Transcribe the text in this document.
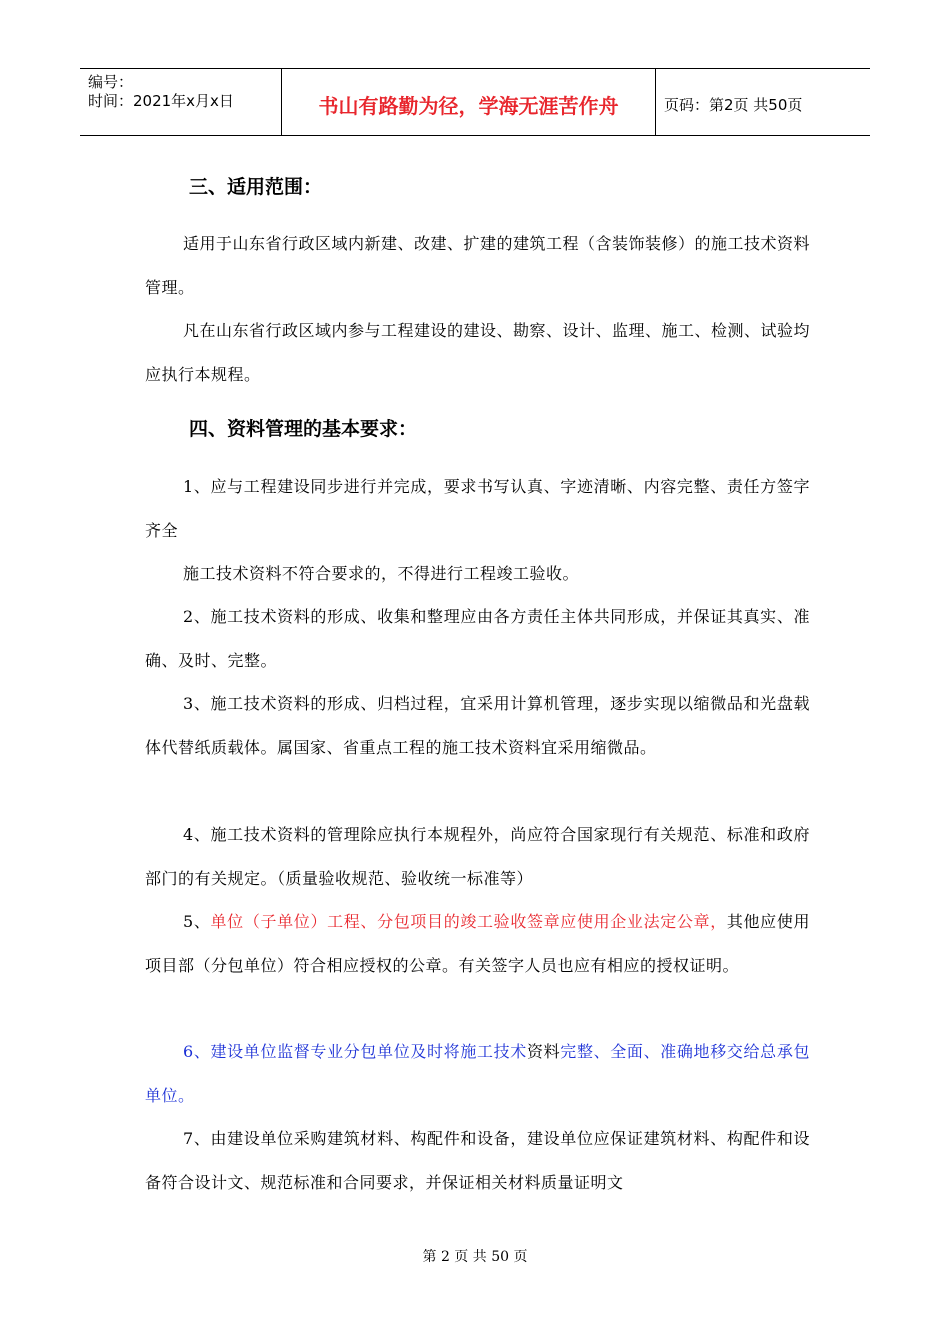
编号：
时间：2021年x月x日	书山有路勤为径，学海无涯苦作舟	页码：第2页 共50页
三、适用范围：

适用于山东省行政区域内新建、改建、扩建的建筑工程（含装饰装修）的施工技术资料管理。

凡在山东省行政区域内参与工程建设的建设、勘察、设计、监理、施工、检测、试验均应执行本规程。

四、资料管理的基本要求：

1、应与工程建设同步进行并完成，要求书写认真、字迹清晰、内容完整、责任方签字齐全

施工技术资料不符合要求的，不得进行工程竣工验收。

2、施工技术资料的形成、收集和整理应由各方责任主体共同形成，并保证其真实、准确、及时、完整。

3、施工技术资料的形成、归档过程，宜采用计算机管理，逐步实现以缩微品和光盘载体代替纸质载体。属国家、省重点工程的施工技术资料宜采用缩微品。

4、施工技术资料的管理除应执行本规程外，尚应符合国家现行有关规范、标准和政府部门的有关规定。（质量验收规范、验收统一标准等）

5、单位（子单位）工程、分包项目的竣工验收签章应使用企业法定公章，其他应使用项目部（分包单位）符合相应授权的公章。有关签字人员也应有相应的授权证明。

6、建设单位监督专业分包单位及时将施工技术资料完整、全面、准确地移交给总承包单位。

7、由建设单位采购建筑材料、构配件和设备，建设单位应保证建筑材料、构配件和设备符合设计文、规范标准和合同要求，并保证相关材料质量证明文

第 2 页 共 50 页
